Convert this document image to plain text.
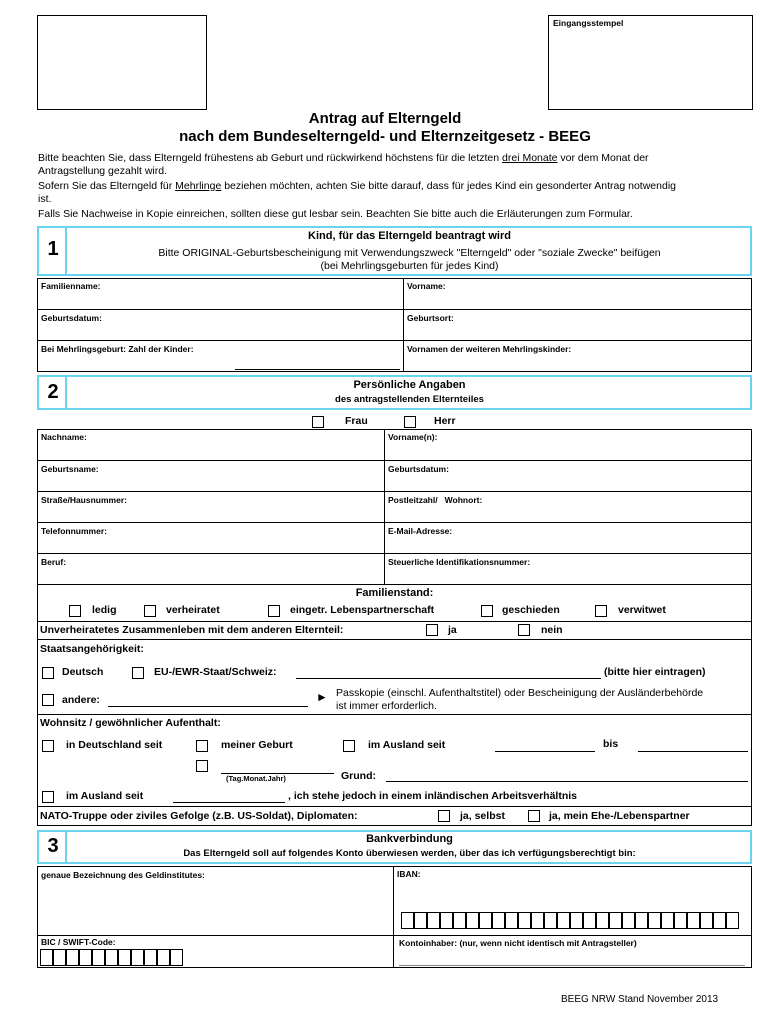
Eingangsstempel
Antrag auf Elterngeld
nach dem Bundeselterngeld- und Elternzeitgesetz - BEEG
Bitte beachten Sie, dass Elterngeld frühestens ab Geburt und rückwirkend höchstens für die letzten drei Monate vor dem Monat der
Antragstellung gezahlt wird.
Sofern Sie das Elterngeld für Mehrlinge beziehen möchten, achten Sie bitte darauf, dass für jedes Kind ein gesonderter Antrag notwendig
ist.
Falls Sie Nachweise in Kopie einreichen, sollten diese gut lesbar sein. Beachten Sie bitte auch die Erläuterungen zum Formular.
1
Kind, für das Elterngeld beantragt wird
Bitte ORIGINAL-Geburtsbescheinigung mit Verwendungszweck "Elterngeld" oder "soziale Zwecke" beifügen
(bei Mehrlingsgeburten für jedes Kind)
Familienname:	Vorname:
Geburtsdatum:	Geburtsort:
Bei Mehrlingsgeburt: Zahl der Kinder:	Vornamen der weiteren Mehrlingskinder:
2	Persönliche Angaben
des antragstellenden Elternteiles
Frau	Herr
Nachname:	Vorname(n):
Geburtsname:	Geburtsdatum:
Straße/Hausnummer:	Postleitzahl/   Wohnort:
Telefonnummer:	E-Mail-Adresse:
Beruf:	Steuerliche Identifikationsnummer:
Familienstand:
ledig	verheiratet	eingetr. Lebenspartnerschaft	geschieden	verwitwet
Unverheiratetes Zusammenleben mit dem anderen Elternteil:	ja	nein
Staatsangehörigkeit:
Deutsch	EU-/EWR-Staat/Schweiz:	(bitte hier eintragen)
andere:	► Passkopie (einschl. Aufenthaltstitel) oder Bescheinigung der Ausländerbehörde
ist immer erforderlich.
Wohnsitz / gewöhnlicher Aufenthalt:
in Deutschland seit	meiner Geburt	im Ausland seit	bis
(Tag.Monat.Jahr)	Grund:
im Ausland seit	, ich stehe jedoch in einem inländischen Arbeitsverhältnis
NATO-Truppe oder ziviles Gefolge (z.B. US-Soldat), Diplomaten:	ja, selbst	ja, mein Ehe-/Lebenspartner
3	Bankverbindung
Das Elterngeld soll auf folgendes Konto überwiesen werden, über das ich verfügungsberechtigt bin:
genaue Bezeichnung des Geldinstitutes:	IBAN:
BIC / SWIFT-Code:	Kontoinhaber: (nur, wenn nicht identisch mit Antragsteller)
BEEG NRW Stand November 2013
